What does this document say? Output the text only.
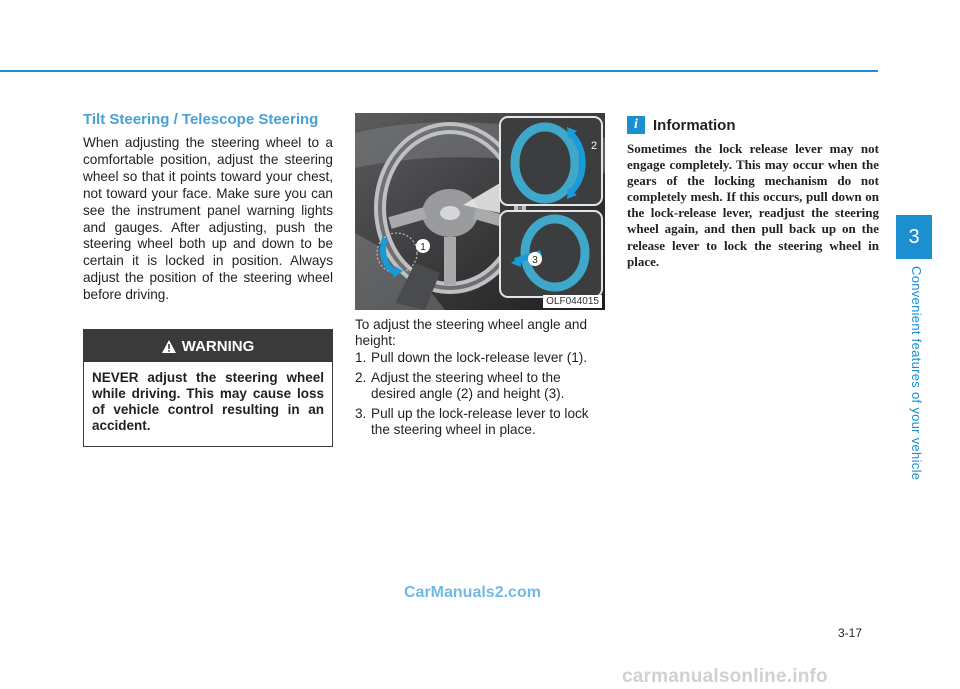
3
Convenient features of your vehicle
Tilt Steering / Telescope Steering
When adjusting the steering wheel to a comfortable position, adjust the steering wheel so that it points toward your chest, not toward your face. Make sure you can see the instrument panel warning lights and gauges. After adjusting, push the steering wheel both up and down to be certain it is locked in position. Always adjust the position of the steering wheel before driving.
WARNING
NEVER adjust the steering wheel while driving. This may cause loss of vehicle control resulting in an accident.
1
2
3
OLF044015
To adjust the steering wheel angle and height:
1. Pull down the lock-release lever (1).
2. Adjust the steering wheel to the desired angle (2) and height (3).
3. Pull up the lock-release lever to lock the steering wheel in place.
i	Information
Sometimes the lock release lever may not engage completely. This may occur when the gears of the locking mechanism do not completely mesh. If this occurs, pull down on the lock-release lever, readjust the steering wheel again, and then pull back up on the release lever to lock the steering wheel in place.
3-17
CarManuals2.com
carmanualsonline.info
